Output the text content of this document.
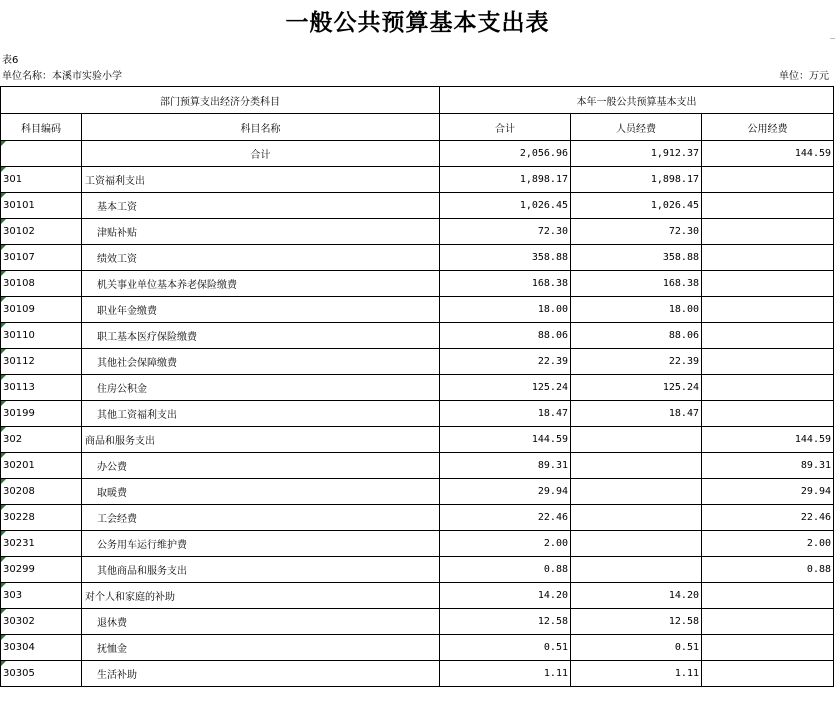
一般公共预算基本支出表
表6
单位名称：本溪市实验小学	单位：万元
部门预算支出经济分类科目		本年一般公共预算基本支出		
科目编码	科目名称	合计	人员经费	公用经费
	合计	2,056.96	1,912.37	144.59
301	工资福利支出	1,898.17	1,898.17	
30101	基本工资	1,026.45	1,026.45	
30102	津贴补贴	72.30	72.30	
30107	绩效工资	358.88	358.88	
30108	机关事业单位基本养老保险缴费	168.38	168.38	
30109	职业年金缴费	18.00	18.00	
30110	职工基本医疗保险缴费	88.06	88.06	
30112	其他社会保障缴费	22.39	22.39	
30113	住房公积金	125.24	125.24	
30199	其他工资福利支出	18.47	18.47	
302	商品和服务支出	144.59		144.59
30201	办公费	89.31		89.31
30208	取暖费	29.94		29.94
30228	工会经费	22.46		22.46
30231	公务用车运行维护费	2.00		2.00
30299	其他商品和服务支出	0.88		0.88
303	对个人和家庭的补助	14.20	14.20	
30302	退休费	12.58	12.58	
30304	抚恤金	0.51	0.51	
30305	生活补助	1.11	1.11	
